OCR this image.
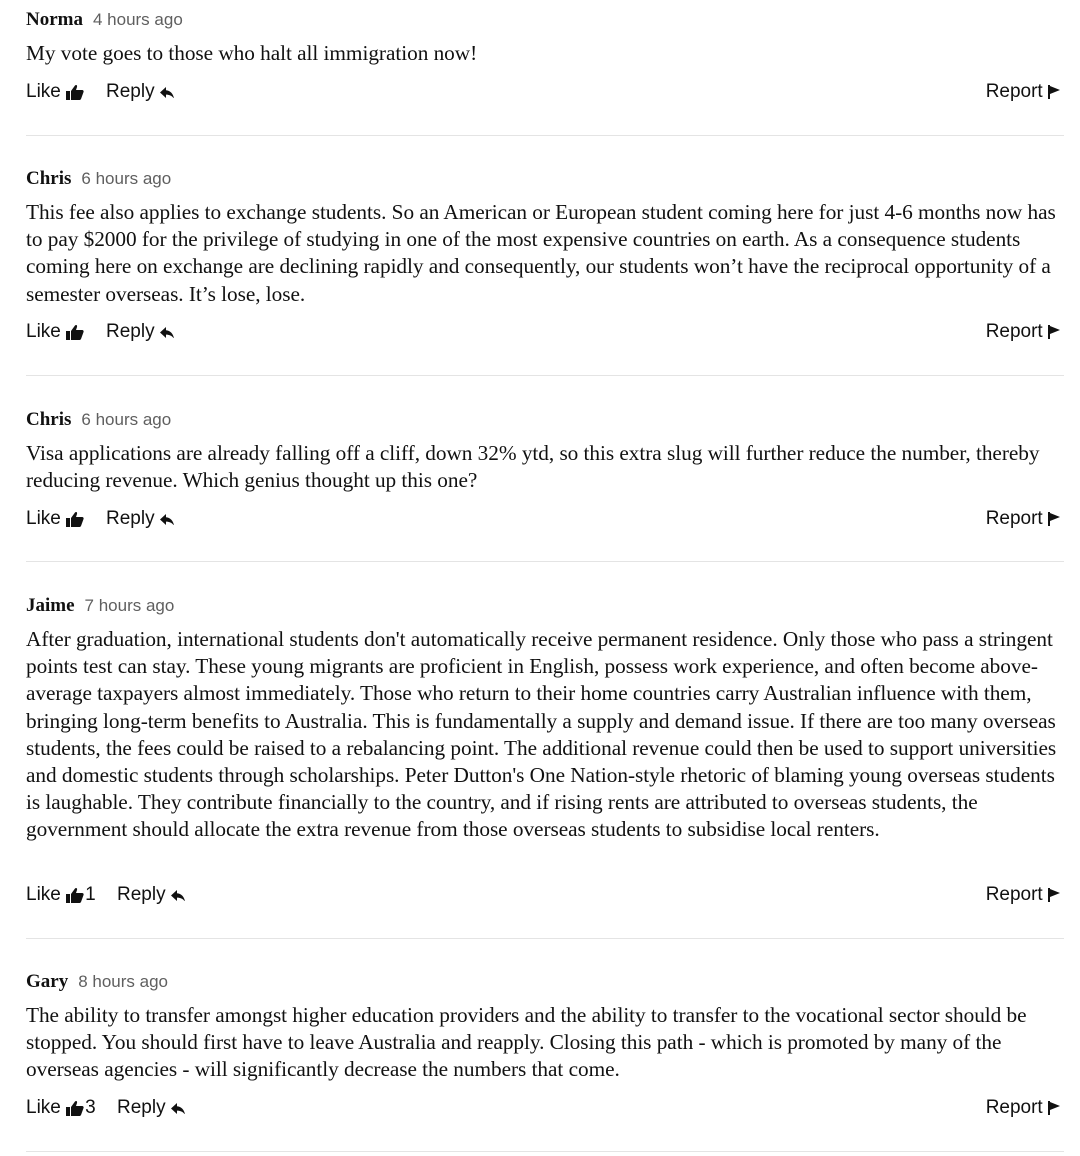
Norma 4 hours ago

My vote goes to those who halt all immigration now!

Like	Reply	Report
Chris 6 hours ago

This fee also applies to exchange students. So an American or European student coming here for just 4-6 months now has to pay $2000 for the privilege of studying in one of the most expensive countries on earth. As a consequence students coming here on exchange are declining rapidly and consequently, our students won’t have the reciprocal opportunity of a semester overseas. It’s lose, lose.

Like	Reply	Report
Chris 6 hours ago

Visa applications are already falling off a cliff, down 32% ytd, so this extra slug will further reduce the number, thereby reducing revenue. Which genius thought up this one?

Like	Reply	Report
Jaime 7 hours ago

After graduation, international students don't automatically receive permanent residence. Only those who pass a stringent points test can stay. These young migrants are proficient in English, possess work experience, and often become above-average taxpayers almost immediately. Those who return to their home countries carry Australian influence with them, bringing long-term benefits to Australia. This is fundamentally a supply and demand issue. If there are too many overseas students, the fees could be raised to a rebalancing point. The additional revenue could then be used to support universities and domestic students through scholarships. Peter Dutton's One Nation-style rhetoric of blaming young overseas students is laughable. They contribute financially to the country, and if rising rents are attributed to overseas students, the government should allocate the extra revenue from those overseas students to subsidise local renters.

Like 1 Reply	Report
Gary 8 hours ago

The ability to transfer amongst higher education providers and the ability to transfer to the vocational sector should be stopped. You should first have to leave Australia and reapply. Closing this path - which is promoted by many of the overseas agencies - will significantly decrease the numbers that come.

Like 3 Reply	Report
